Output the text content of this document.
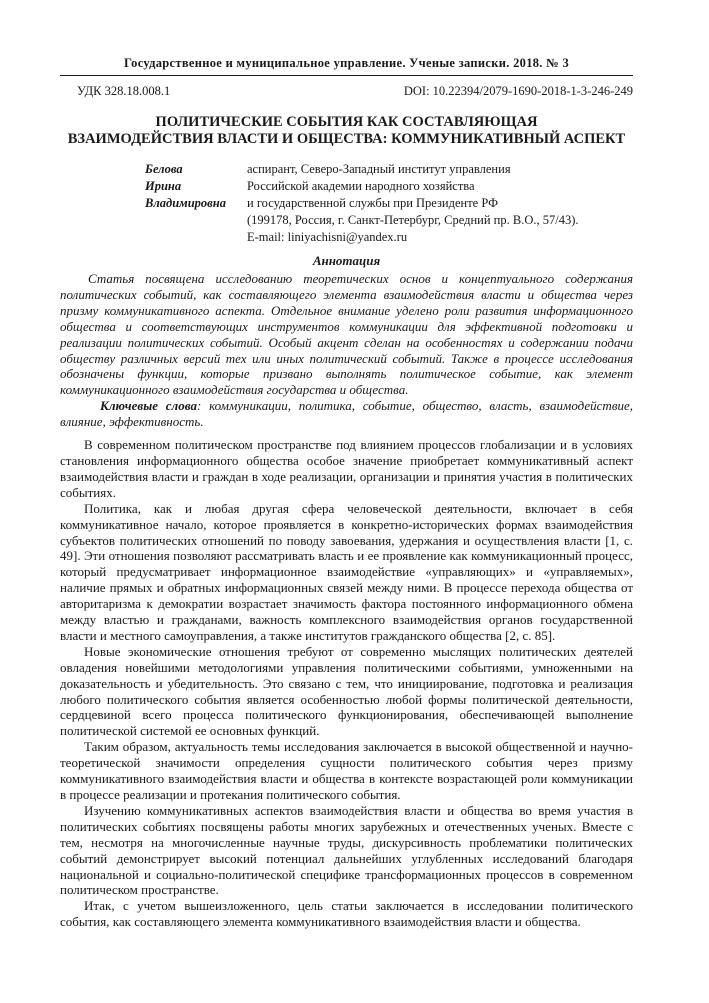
Государственное и муниципальное управление. Ученые записки. 2018. № 3
УДК 328.18.008.1	DOI: 10.22394/2079-1690-2018-1-3-246-249
ПОЛИТИЧЕСКИЕ СОБЫТИЯ КАК СОСТАВЛЯЮЩАЯ
ВЗАИМОДЕЙСТВИЯ ВЛАСТИ И ОБЩЕСТВА: КОММУНИКАТИВНЫЙ АСПЕКТ
Белова
Ирина
Владимировна
аспирант, Северо-Западный институт управления
Российской академии народного хозяйства
и государственной службы при Президенте РФ
(199178, Россия, г. Санкт-Петербург, Средний пр. В.О., 57/43).
E-mail: liniyachisni@yandex.ru
Аннотация

Статья посвящена исследованию теоретических основ и концептуального содержания политических событий, как составляющего элемента взаимодействия власти и общества через призму коммуникативного аспекта. Отдельное внимание уделено роли развития информационного общества и соответствующих инструментов коммуникации для эффективной подготовки и реализации политических событий. Особый акцент сделан на особенностях и содержании подачи обществу различных версий тех или иных политический событий. Также в процессе исследования обозначены функции, которые призвано выполнять политическое событие, как элемент коммуникационного взаимодействия государства и общества.

Ключевые слова: коммуникации, политика, событие, общество, власть, взаимодействие, влияние, эффективность.

В современном политическом пространстве под влиянием процессов глобализации и в условиях становления информационного общества особое значение приобретает коммуникативный аспект взаимодействия власти и граждан в ходе реализации, организации и принятия участия в политических событиях.

Политика, как и любая другая сфера человеческой деятельности, включает в себя коммуникативное начало, которое проявляется в конкретно-исторических формах взаимодействия субъектов политических отношений по поводу завоевания, удержания и осуществления власти [1, с. 49]. Эти отношения позволяют рассматривать власть и ее проявление как коммуникационный процесс, который предусматривает информационное взаимодействие «управляющих» и «управляемых», наличие прямых и обратных информационных связей между ними. В процессе перехода общества от авторитаризма к демократии возрастает значимость фактора постоянного информационного обмена между властью и гражданами, важность комплексного взаимодействия органов государственной власти и местного самоуправления, а также институтов гражданского общества [2, с. 85].

Новые экономические отношения требуют от современно мыслящих политических деятелей овладения новейшими методологиями управления политическими событиями, умноженными на доказательность и убедительность. Это связано с тем, что инициирование, подготовка и реализация любого политического события является особенностью любой формы политической деятельности, сердцевиной всего процесса политического функционирования, обеспечивающей выполнение политической системой ее основных функций.

Таким образом, актуальность темы исследования заключается в высокой общественной и научно-теоретической значимости определения сущности политического события через призму коммуникативного взаимодействия власти и общества в контексте возрастающей роли коммуникации в процессе реализации и протекания политического события.

Изучению коммуникативных аспектов взаимодействия власти и общества во время участия в политических событиях посвящены работы многих зарубежных и отечественных ученых. Вместе с тем, несмотря на многочисленные научные труды, дискурсивность проблематики политических событий демонстрирует высокий потенциал дальнейших углубленных исследований благодаря национальной и социально-политической специфике трансформационных процессов в современном политическом пространстве.

Итак, с учетом вышеизложенного, цель статьи заключается в исследовании политического события, как составляющего элемента коммуникативного взаимодействия власти и общества.
